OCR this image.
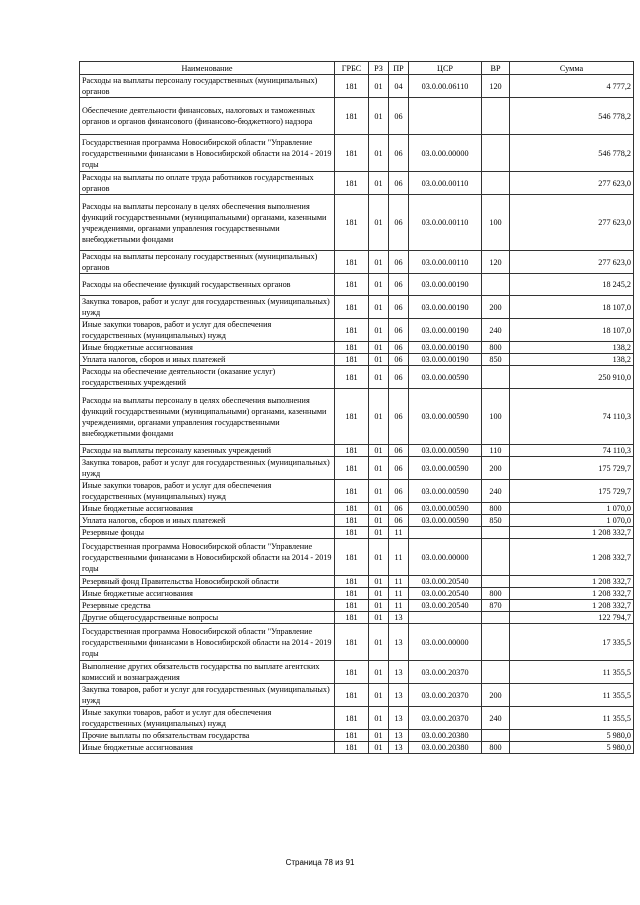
Наименование	ГРБС	РЗ	ПР	ЦСР	ВР	Сумма
Расходы на выплаты персоналу государственных (муниципальных) органов	181	01	04	03.0.00.06110	120	4 777,2
Обеспечение деятельности финансовых, налоговых и таможенных органов и органов финансового (финансово-бюджетного) надзора	181	01	06			546 778,2
Государственная программа Новосибирской области "Управление государственными финансами в Новосибирской области на 2014 - 2019 годы	181	01	06	03.0.00.00000		546 778,2
Расходы на выплаты по оплате труда работников государственных органов	181	01	06	03.0.00.00110		277 623,0
Расходы на выплаты персоналу в целях обеспечения выполнения функций государственными (муниципальными) органами, казенными учреждениями, органами управления государственными внебюджетными фондами	181	01	06	03.0.00.00110	100	277 623,0
Расходы на выплаты персоналу государственных (муниципальных) органов	181	01	06	03.0.00.00110	120	277 623,0
Расходы на обеспечение функций государственных органов	181	01	06	03.0.00.00190		18 245,2
Закупка товаров, работ и услуг для государственных (муниципальных) нужд	181	01	06	03.0.00.00190	200	18 107,0
Иные закупки товаров, работ и услуг для обеспечения государственных (муниципальных) нужд	181	01	06	03.0.00.00190	240	18 107,0
Иные бюджетные ассигнования	181	01	06	03.0.00.00190	800	138,2
Уплата налогов, сборов и иных платежей	181	01	06	03.0.00.00190	850	138,2
Расходы на обеспечение деятельности (оказание услуг) государственных учреждений	181	01	06	03.0.00.00590		250 910,0
Расходы на выплаты персоналу в целях обеспечения выполнения функций государственными (муниципальными) органами, казенными учреждениями, органами управления государственными внебюджетными фондами	181	01	06	03.0.00.00590	100	74 110,3
Расходы на выплаты персоналу казенных учреждений	181	01	06	03.0.00.00590	110	74 110,3
Закупка товаров, работ и услуг для государственных (муниципальных) нужд	181	01	06	03.0.00.00590	200	175 729,7
Иные закупки товаров, работ и услуг для обеспечения государственных (муниципальных) нужд	181	01	06	03.0.00.00590	240	175 729,7
Иные бюджетные ассигнования	181	01	06	03.0.00.00590	800	1 070,0
Уплата налогов, сборов и иных платежей	181	01	06	03.0.00.00590	850	1 070,0
Резервные фонды	181	01	11			1 208 332,7
Государственная программа Новосибирской области "Управление государственными финансами в Новосибирской области на 2014 - 2019 годы	181	01	11	03.0.00.00000		1 208 332,7
Резервный фонд Правительства Новосибирской области	181	01	11	03.0.00.20540		1 208 332,7
Иные бюджетные ассигнования	181	01	11	03.0.00.20540	800	1 208 332,7
Резервные средства	181	01	11	03.0.00.20540	870	1 208 332,7
Другие общегосударственные вопросы	181	01	13			122 794,7
Государственная программа Новосибирской области "Управление государственными финансами в Новосибирской области на 2014 - 2019 годы	181	01	13	03.0.00.00000		17 335,5
Выполнение других обязательств государства по выплате агентских комиссий и вознаграждения	181	01	13	03.0.00.20370		11 355,5
Закупка товаров, работ и услуг для государственных (муниципальных) нужд	181	01	13	03.0.00.20370	200	11 355,5
Иные закупки товаров, работ и услуг для обеспечения государственных (муниципальных) нужд	181	01	13	03.0.00.20370	240	11 355,5
Прочие выплаты по обязательствам государства	181	01	13	03.0.00.20380		5 980,0
Иные бюджетные ассигнования	181	01	13	03.0.00.20380	800	5 980,0
Страница 78 из 91
